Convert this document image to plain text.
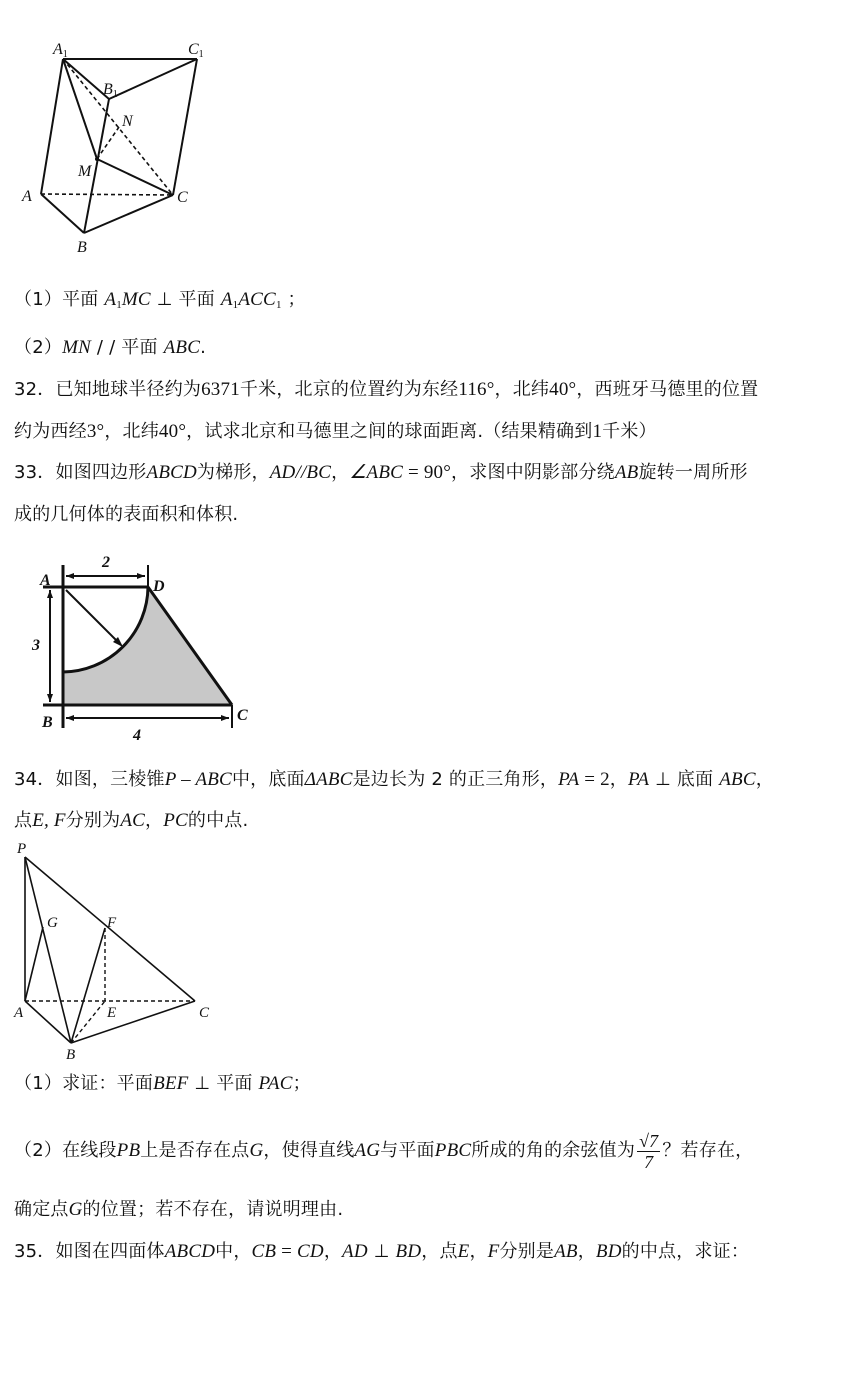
A1	C1
B1
N
M
A	C
B
（1）平面 $A_1MC$ ⊥ 平面 $A_1ACC_1$ ；
（2）MN / / 平面 ABC.
32．已知地球半径约为6371千米，北京的位置约为东经116°，北纬40°，西班牙马德里的位置
约为西经3°，北纬40°，试求北京和马德里之间的球面距离.（结果精确到1千米）
33．如图四边形ABCD为梯形，AD//BC，∠ABC = 90°，求图中阴影部分绕AB旋转一周所形
成的几何体的表面积和体积.
A	D
B	C
2
3
4
34．如图，三棱锥P – ABC中，底面ΔABC是边长为 2 的正三角形，PA = 2，PA ⊥ 底面 ABC，
点E, F分别为AC，PC的中点.
P
G	F
A	E	C
B
（1）求证：平面BEF ⊥ 平面 PAC；
（2）在线段PB上是否存在点G，使得直线AG与平面PBC所成的角的余弦值为 $\frac{√7}{7}$ ？若存在，
确定点G的位置；若不存在，请说明理由.
35．如图在四面体ABCD中，CB = CD，AD ⊥ BD，点E，F分别是AB，BD的中点，求证：
